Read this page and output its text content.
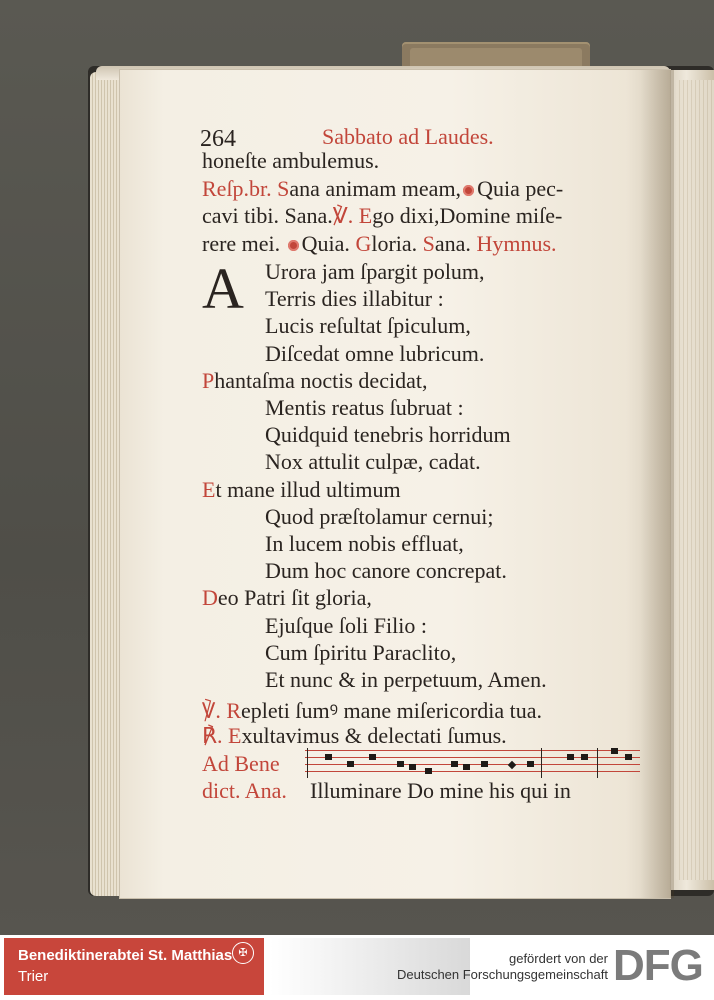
264	Sabbato ad Laudes.
honeſte ambulemus.
Reſp.br. Sana animam meam, Quia pec-
cavi tibi. Sana.℣. Ego dixi,Domine miſe-
rere mei. Quia. Gloria. Sana. Hymnus.
A Urora jam ſpargit polum,
Terris dies illabitur :
Lucis reſultat ſpiculum,
Diſcedat omne lubricum.
Phantaſma noctis decidat,
Mentis reatus ſubruat :
Quidquid tenebris horridum
Nox attulit culpæ, cadat.
Et mane illud ultimum
Quod præſtolamur cernui;
In lucem nobis effluat,
Dum hoc canore concrepat.
Deo Patri ſit gloria,
Ejuſque ſoli Filio :
Cum ſpiritu Paraclito,
Et nunc & in perpetuum, Amen.
℣. Repleti ſumꝰ mane miſericordia tua.
℟. Exultavimus & delectati ſumus.
Ad Bene
dict. Ana. Illuminare Do mine his qui in
Benediktinerabtei St. Matthias
Trier
✠	gefördert von der
Deutschen Forschungsgemeinschaft DFG
